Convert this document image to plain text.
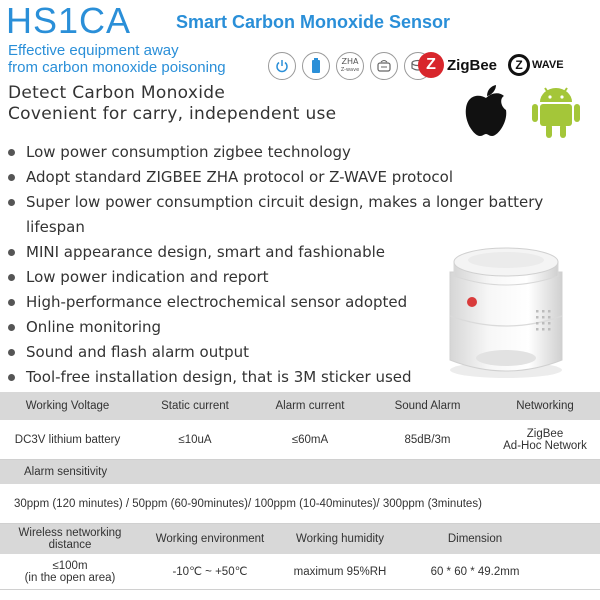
HS1CA Smart Carbon Monoxide Sensor
Effective equipment away
from carbon monoxide poisoning	ZHA
Z-wave	Z ZigBee	Z WAVE
Detect Carbon Monoxide
Covenient for carry, independent use
Low power consumption zigbee technology
Adopt standard ZIGBEE ZHA protocol or Z-WAVE protocol
Super low power consumption circuit design, makes a longer battery lifespan
MINI appearance design, smart and fashionable
Low power indication and report
High-performance electrochemical sensor adopted
Online monitoring
Sound and flash alarm output
Tool-free installation design, that is 3M sticker used
Working Voltage	Static current	Alarm current	Sound Alarm	Networking
DC3V lithium battery	≤10uA	≤60mA	85dB/3m	ZigBee
Ad-Hoc Network
Alarm sensitivity
30ppm (120 minutes) / 50ppm (60-90minutes)/ 100ppm (10-40minutes)/ 300ppm (3minutes)
Wireless networking
distance	Working environment	Working humidity	Dimension
≤100m
(in the open area)	-10℃ ~ +50℃	maximum 95%RH	60 * 60 * 49.2mm
